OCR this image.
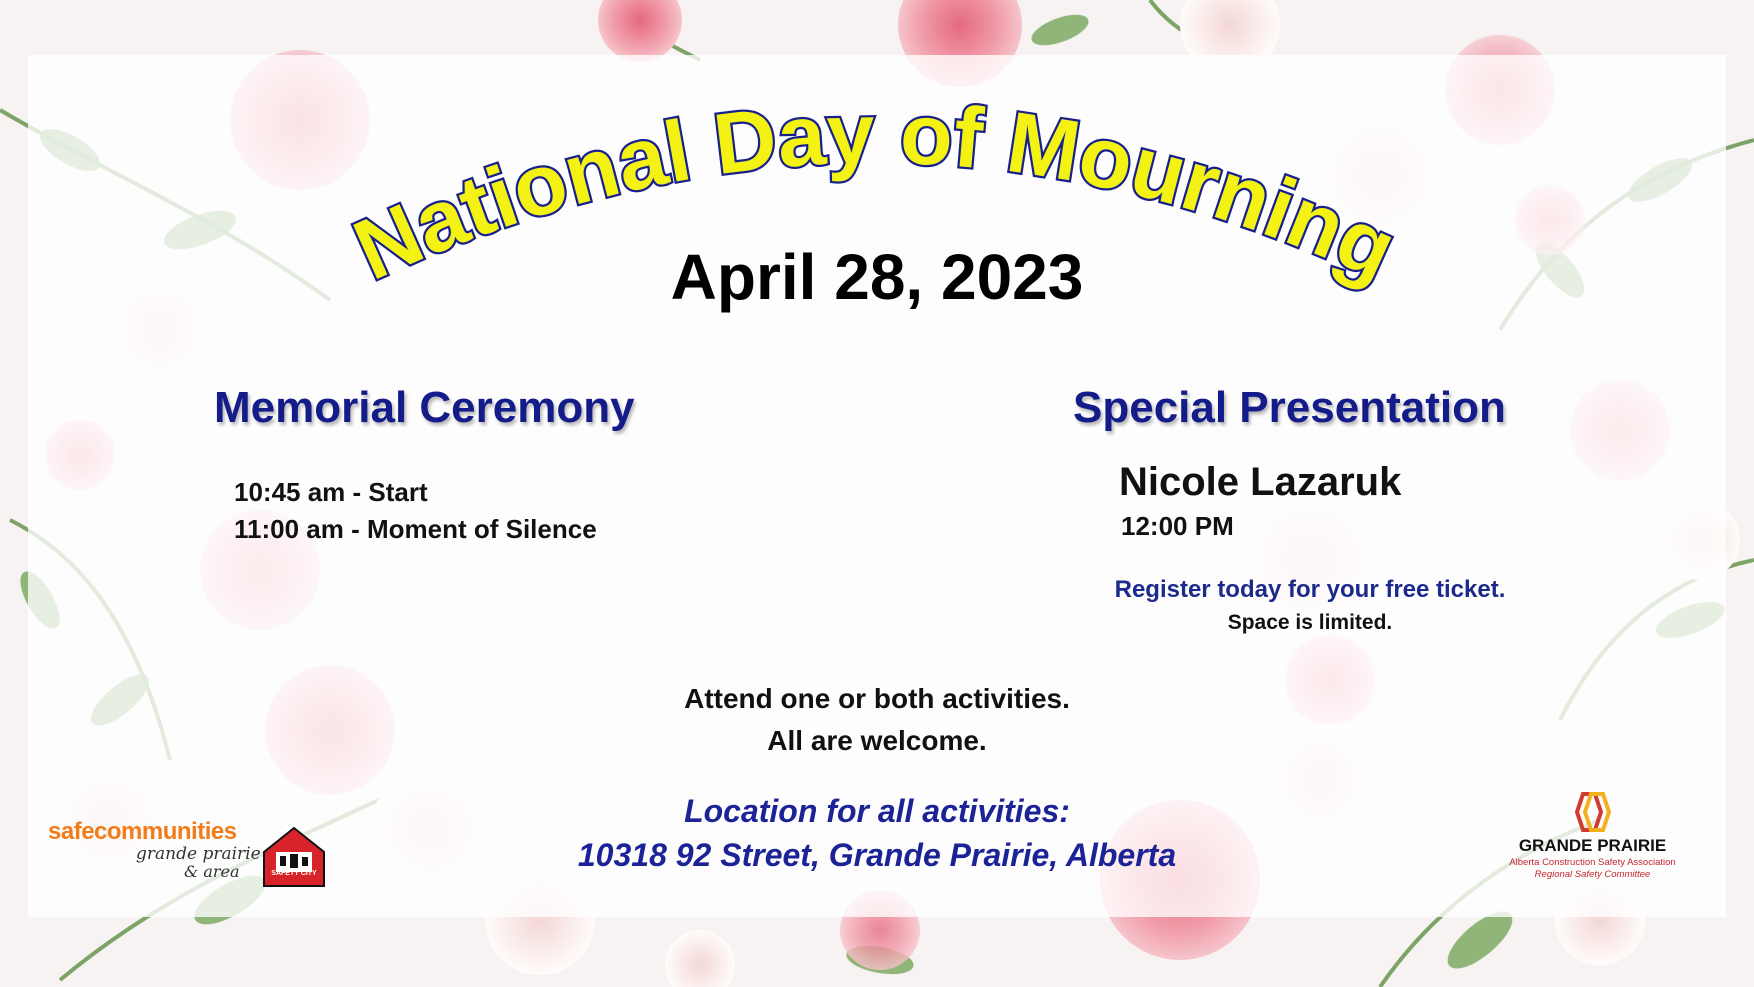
National Day of Mourning
April 28, 2023
Memorial Ceremony
10:45 am - Start
11:00 am - Moment of Silence
Special Presentation
Nicole Lazaruk
12:00 PM
Register today for your free ticket.
Space is limited.
Attend one or both activities.
All are welcome.
Location for all activities:
10318 92 Street, Grande Prairie, Alberta
safecommunities
grande prairie
& area	SAFETY CITY
GRANDE PRAIRIE
Alberta Construction Safety Association
Regional Safety Committee
